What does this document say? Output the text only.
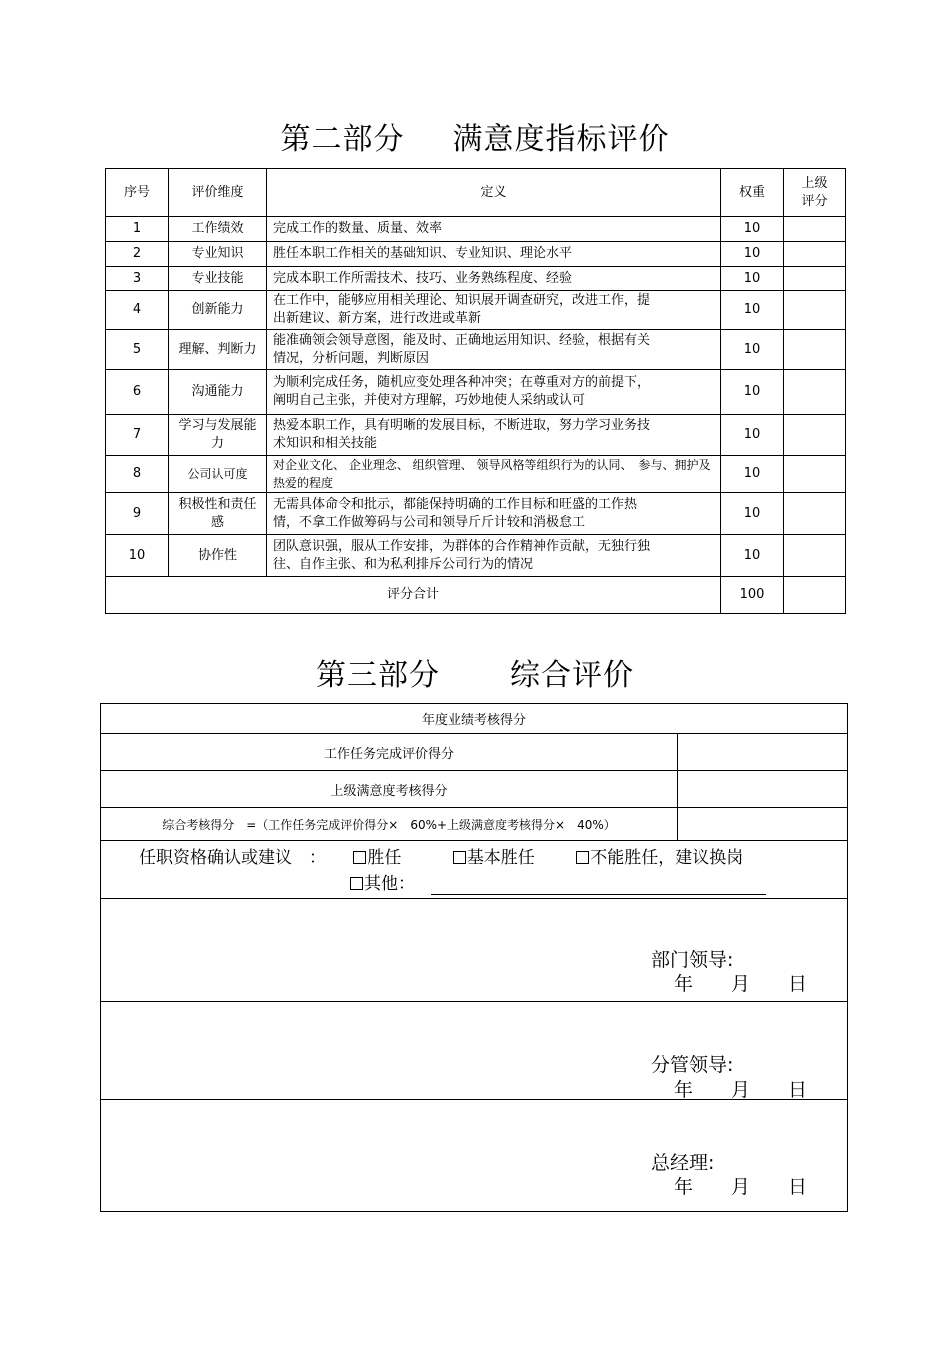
第二部分 满意度指标评价
序号	评价维度	定义	权重	上级评分
1	工作绩效	完成工作的数量、质量、效率	10	
2	专业知识	胜任本职工作相关的基础知识、专业知识、理论水平	10	
3	专业技能	完成本职工作所需技术、技巧、业务熟练程度、经验	10	
4	创新能力	在工作中，能够应用相关理论、知识展开调查研究，改进工作，提出新建议、新方案，进行改进或革新	10	
5	理解、判断力	能准确领会领导意图，能及时、正确地运用知识、经验，根据有关情况，分析问题，判断原因	10	
6	沟通能力	为顺利完成任务，随机应变处理各种冲突；在尊重对方的前提下，阐明自己主张，并使对方理解，巧妙地使人采纳或认可	10	
7	学习与发展能力	热爱本职工作，具有明晰的发展目标，不断进取，努力学习业务技术知识和相关技能	10	
8	公司认可度	对企业文化、 企业理念、 组织管理、 领导风格等组织行为的认同、　参与、拥护及热爱的程度	10	
9	积极性和责任感	无需具体命令和批示，都能保持明确的工作目标和旺盛的工作热情，不拿工作做筹码与公司和领导斤斤计较和消极怠工	10	
10	协作性	团队意识强，服从工作安排，为群体的合作精神作贡献，无独行独往、自作主张、和为私利排斥公司行为的情况	10	
评分合计			100	
第三部分 综合评价
年度业绩考核得分	
工作任务完成评价得分	
上级满意度考核得分	
综合考核得分　=（工作任务完成评价得分×　60%+上级满意度考核得分×　40%）	

任职资格确认或建议　： 胜任 基本胜任 不能胜任，建议换岗
其他：	

部门领导:
年　　月　　日	

分管领导:
年　　月　　日	

总经理:
年　　月　　日	
